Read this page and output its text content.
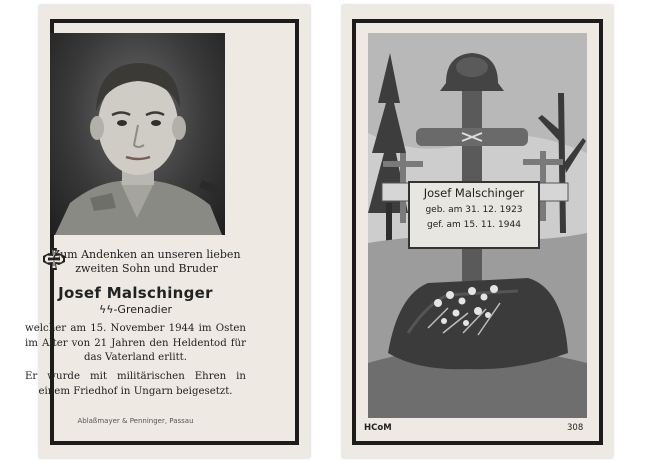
Zum Andenken an unseren lieben
zweiten Sohn und Bruder
Josef Malschinger
ϟϟ-Grenadier
welcher am 15. November 1944 im Osten im Alter von 21 Jahren den Heldentod für das Vaterland erlitt.
Er wurde mit militärischen Ehren in einem Friedhof in Ungarn beigesetzt.
Ablaßmayer & Penninger, Passau
Josef Malschinger
geb. am 31. 12. 1923
gef. am 15. 11. 1944
HCoM	308
